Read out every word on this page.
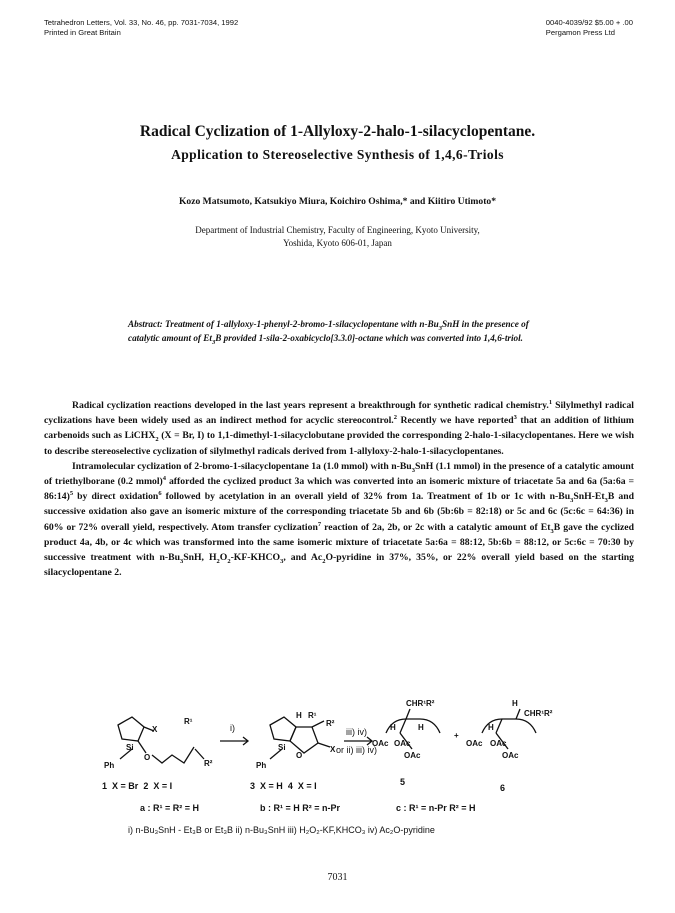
Tetrahedron Letters, Vol. 33, No. 46, pp. 7031-7034, 1992
Printed in Great Britain
0040-4039/92 $5.00 + .00
Pergamon Press Ltd
Radical Cyclization of 1-Allyloxy-2-halo-1-silacyclopentane.
Application to Stereoselective Synthesis of 1,4,6-Triols
Kozo Matsumoto, Katsukiyo Miura, Koichiro Oshima,* and Kiitiro Utimoto*
Department of Industrial Chemistry, Faculty of Engineering, Kyoto University,
Yoshida, Kyoto 606-01, Japan
Abstract: Treatment of 1-allyloxy-1-phenyl-2-bromo-1-silacyclopentane with $n-Bu_3SnH$ in the presence of catalytic amount of $Et_3B$ provided 1-sila-2-oxabicyclo[3.3.0]-octane which was converted into 1,4,6-triol.

Radical cyclization reactions developed in the last years represent a breakthrough for synthetic radical chemistry.$^1$ Silylmethyl radical cyclizations have been widely used as an indirect method for acyclic stereocontrol.$^2$ Recently we have reported$^3$ that an addition of lithium carbenoids such as LiCHX$_2$ (X = Br, I) to 1,1-dimethyl-1-silacyclobutane provided the corresponding 2-halo-1-silacyclopentanes. Here we wish to describe stereoselective cyclization of silylmethyl radicals derived from 1-allyloxy-2-halo-1-silacyclopentanes.

Intramolecular cyclization of 2-bromo-1-silacyclopentane 1a (1.0 mmol) with $n-Bu_3SnH$ (1.1 mmol) in the presence of a catalytic amount of triethylborane (0.2 mmol)$^4$ afforded the cyclized product 3a which was converted into an isomeric mixture of triacetate 5a and 6a (5a:6a = 86:14)$^5$ by direct oxidation$^6$ followed by acetylation in an overall yield of 32% from 1a. Treatment of 1b or 1c with $n-Bu_3SnH-Et_3B$ and successive oxidation also gave an isomeric mixture of the corresponding triacetate 5b and 6b (5b:6b = 82:18) or 5c and 6c (5c:6c = 64:36) in 60% or 72% overall yield, respectively. Atom transfer cyclization$^7$ reaction of 2a, 2b, or 2c with a catalytic amount of $Et_3B$ gave the cyclized product 4a, 4b, or 4c which was transformed into the same isomeric mixture of triacetate 5a:6a = 88:12, 5b:6b = 88:12, or 5c:6c = 70:30 by successive treatment with $n-Bu_3SnH$, $H_2O_2-KF-KHCO_3$, and $Ac_2O$-pyridine in 37%, 35%, or 22% overall yield based on the starting silacyclopentane 2.

Ph
Si
X
O
R¹
R²
i)
Ph
Si
O
X
H R¹
R²
iii) iv)
or ii) iii) iv)
CHR¹R²
H	H
OAc OAc
OAc
+
H
CHR¹R²
H
OAc OAc
OAc
1 X = Br 2 X = I	3 X = H 4 X = I	5
6
a : R¹ = R² = H	b : R¹ = H R² = n-Pr	c : R¹ = n-Pr R² = H
i) n-Bu₃SnH - Et₃B or Et₃B ii) n-Bu₃SnH iii) H₂O₂-KF,KHCO₃ iv) Ac₂O-pyridine
7031
